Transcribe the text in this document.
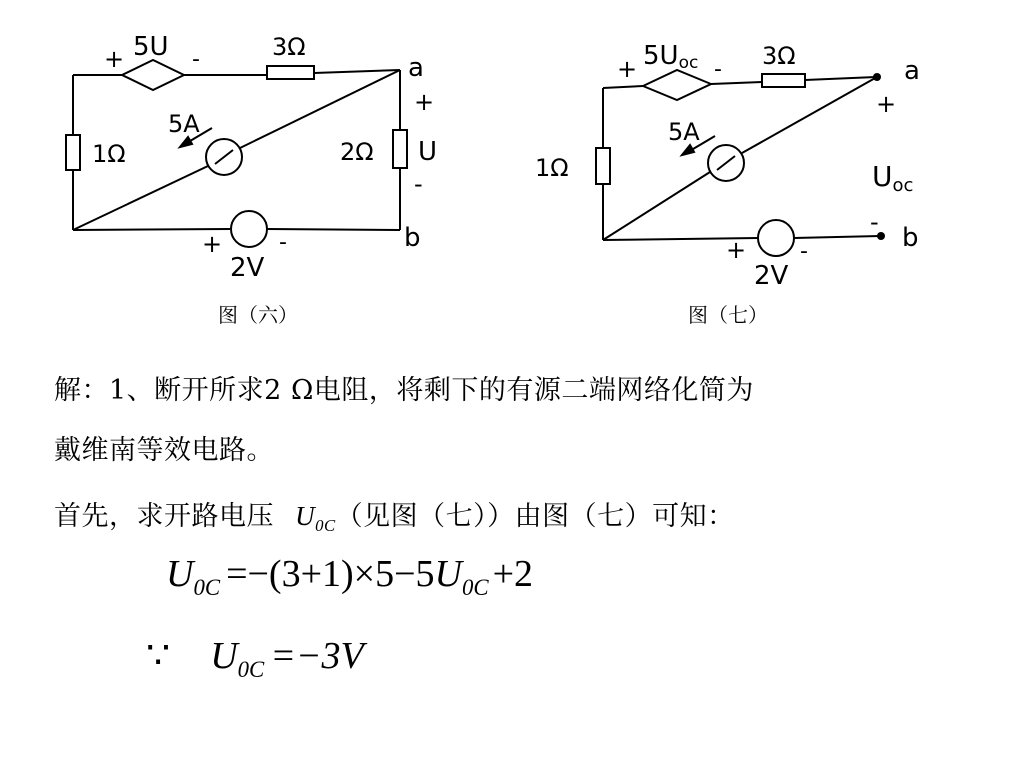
+	-
+
-
+	-
5U	3Ω
1Ω	2Ω U
5A
2V
a
b
+	-
+
-
+ -
5Uoc	3Ω
1Ω
5A
2V
a
b
Uoc
图（六）	图（七）
解：1、断开所求2 Ω电阻，将剩下的有源二端网络化简为
戴维南等效电路。
首先，求开路电压 $U_{0C}$（见图（七））由图（七）可知：
$U_{0C} =-(3+1)\times 5-5U_{0C} +2$
∵ $U_{0C} =-3V$
